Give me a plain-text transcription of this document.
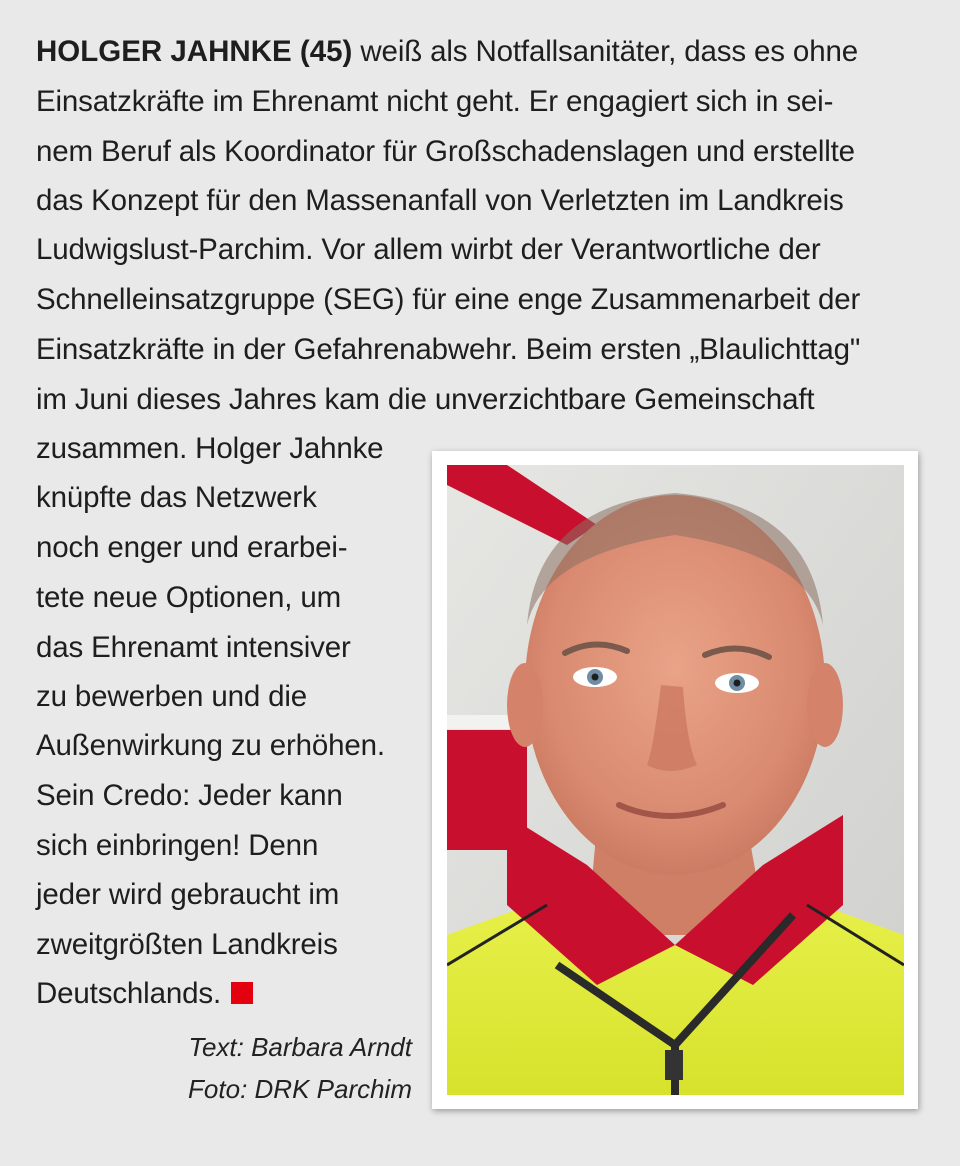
HOLGER JAHNKE (45) weiß als Notfallsanitäter, dass es ohne
Einsatzkräfte im Ehrenamt nicht geht. Er engagiert sich in sei-
nem Beruf als Koordinator für Großschadenslagen und erstellte
das Konzept für den Massenanfall von Verletzten im Landkreis
Ludwigslust-Parchim. Vor allem wirbt der Verantwortliche der
Schnelleinsatzgruppe (SEG) für eine enge Zusammenarbeit der
Einsatzkräfte in der Gefahrenabwehr. Beim ersten „Blaulichttag"
im Juni dieses Jahres kam die unverzichtbare Gemeinschaft
zusammen. Holger Jahnke
knüpfte das Netzwerk
noch enger und erarbei-
tete neue Optionen, um
das Ehrenamt intensiver
zu bewerben und die
Außenwirkung zu erhöhen.
Sein Credo: Jeder kann
sich einbringen! Denn
jeder wird gebraucht im
zweitgrößten Landkreis
Deutschlands.
Text: Barbara Arndt
Foto: DRK Parchim
